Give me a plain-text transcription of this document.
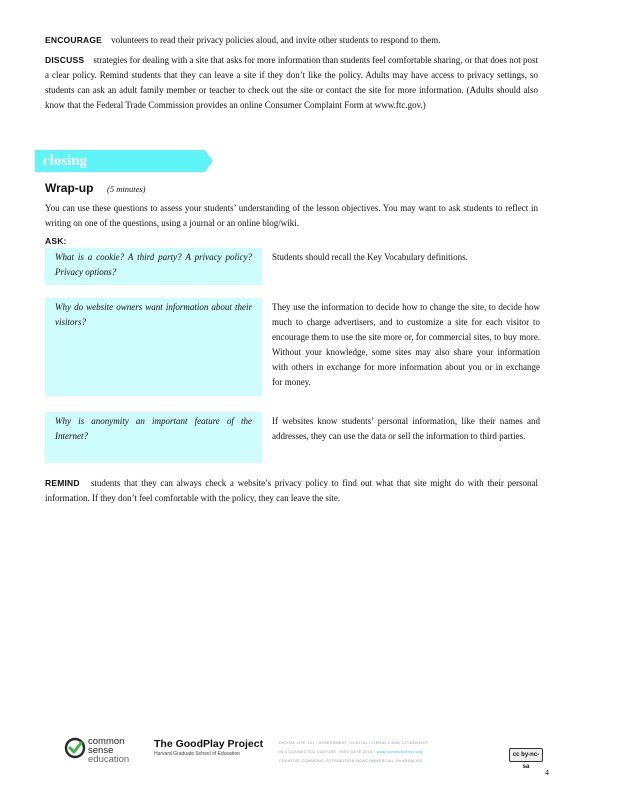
ENCOURAGE volunteers to read their privacy policies aloud, and invite other students to respond to them.
DISCUSS strategies for dealing with a site that asks for more information than students feel comfortable sharing, or that does not post a clear policy. Remind students that they can leave a site if they don’t like the policy. Adults may have access to privacy settings, so students can ask an adult family member or teacher to check out the site or contact the site for more information. (Adults should also know that the Federal Trade Commission provides an online Consumer Complaint Form at www.ftc.gov.)
closing
Wrap-up (5 minutes)
You can use these questions to assess your students’ understanding of the lesson objectives. You may want to ask students to reflect in writing on one of the questions, using a journal or an online blog/wiki.
ASK:
What is a cookie? A third party? A privacy policy? Privacy options?
Students should recall the Key Vocabulary definitions.
Why do website owners want information about their visitors?
They use the information to decide how to change the site, to decide how much to charge advertisers, and to customize a site for each visitor to encourage them to use the site more or, for commercial sites, to buy more. Without your knowledge, some sites may also share your information with others in exchange for more information about you or in exchange for money.
Why is anonymity an important feature of the Internet?
If websites know students’ personal information, like their names and addresses, they can use the data or sell the information to third parties.
REMIND students that they can always check a website’s privacy policy to find out what that site might do with their personal information. If they don’t feel comfortable with the policy, they can leave the site.
common
sense
education
The GoodPlay Project
Harvard Graduate School of Education
DIGITAL LIFE 101 / ASSESSMENT / DIGITAL LITERACY AND CITIZENSHIP
IN A CONNECTED CULTURE / REV DATE 2015 / www.commonsense.org
CREATIVE COMMONS: ATTRIBUTION-NONCOMMERCIAL-SHAREALIKE
cc by-nc-sa
4
